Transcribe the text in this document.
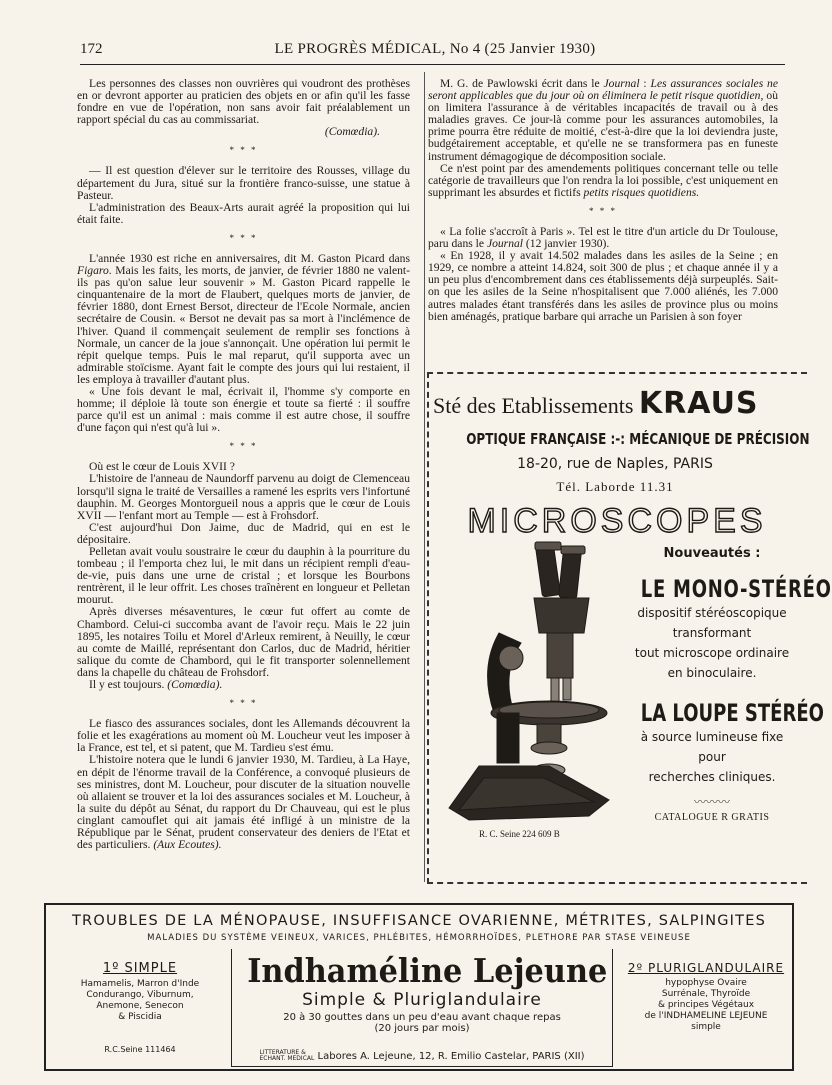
172	LE PROGRÈS MÉDICAL, No 4 (25 Janvier 1930)

Les personnes des classes non ouvrières qui voudront des prothèses en or devront apporter au praticien des objets en or afin qu'il les fasse fondre en vue de l'opération, non sans avoir fait préalablement un rapport spécial du cas au commissariat.

(Comœdia).

* * *

— Il est question d'élever sur le territoire des Rousses, village du département du Jura, situé sur la frontière franco-suisse, une statue à Pasteur.

L'administration des Beaux-Arts aurait agréé la proposition qui lui était faite.

* * *

L'année 1930 est riche en anniversaires, dit M. Gaston Picard dans Figaro. Mais les faits, les morts, de janvier, de février 1880 ne valent-ils pas qu'on salue leur souvenir » M. Gaston Picard rappelle le cinquantenaire de la mort de Flaubert, quelques morts de janvier, de février 1880, dont Ernest Bersot, directeur de l'Ecole Normale, ancien secrétaire de Cousin. « Bersot ne devait pas sa mort à l'inclémence de l'hiver. Quand il commençait seulement de remplir ses fonctions à Normale, un cancer de la joue s'annonçait. Une opération lui permit le répit quelque temps. Puis le mal reparut, qu'il supporta avec un admirable stoïcisme. Ayant fait le compte des jours qui lui restaient, il les employa à travailler d'autant plus.

« Une fois devant le mal, écrivait il, l'homme s'y comporte en homme; il déploie là toute son énergie et toute sa fierté : il souffre parce qu'il est un animal : mais comme il est autre chose, il souffre d'une façon qui n'est qu'à lui ».

* * *

Où est le cœur de Louis XVII ?

L'histoire de l'anneau de Naundorff parvenu au doigt de Clemenceau lorsqu'il signa le traité de Versailles a ramené les esprits vers l'infortuné dauphin. M. Georges Montorgueil nous a appris que le cœur de Louis XVII — l'enfant mort au Temple — est à Frohsdorf.

C'est aujourd'hui Don Jaime, duc de Madrid, qui en est le dépositaire.

Pelletan avait voulu soustraire le cœur du dauphin à la pourriture du tombeau ; il l'emporta chez lui, le mit dans un récipient rempli d'eau-de-vie, puis dans une urne de cristal ; et lorsque les Bourbons rentrèrent, il le leur offrit. Les choses traînèrent en longueur et Pelletan mourut.

Après diverses mésaventures, le cœur fut offert au comte de Chambord. Celui-ci succomba avant de l'avoir reçu. Mais le 22 juin 1895, les notaires Toilu et Morel d'Arleux remirent, à Neuilly, le cœur au comte de Maillé, représentant don Carlos, duc de Madrid, héritier salique du comte de Chambord, qui le fit transporter solennellement dans la chapelle du château de Frohsdorf.

Il y est toujours. (Comœdia).

* * *

Le fiasco des assurances sociales, dont les Allemands découvrent la folie et les exagérations au moment où M. Loucheur veut les imposer à la France, est tel, et si patent, que M. Tardieu s'est ému.

L'histoire notera que le lundi 6 janvier 1930, M. Tardieu, à La Haye, en dépit de l'énorme travail de la Conférence, a convoqué plusieurs de ses ministres, dont M. Loucheur, pour discuter de la situation nouvelle où allaient se trouver et la loi des assurances sociales et M. Loucheur, à la suite du dépôt au Sénat, du rapport du Dr Chauveau, qui est le plus cinglant camouflet qui ait jamais été infligé à un ministre de la République par le Sénat, prudent conservateur des deniers de l'Etat et des particuliers. (Aux Ecoutes).

M. G. de Pawlowski écrit dans le Journal : Les assurances sociales ne seront applicables que du jour où on éliminera le petit risque quotidien, où on limitera l'assurance à de véritables incapacités de travail ou à des maladies graves. Ce jour-là comme pour les assurances automobiles, la prime pourra être réduite de moitié, c'est-à-dire que la loi deviendra juste, budgétairement acceptable, et qu'elle ne se transformera pas en funeste instrument démagogique de décomposition sociale.

Ce n'est point par des amendements politiques concernant telle ou telle catégorie de travailleurs que l'on rendra la loi possible, c'est uniquement en supprimant les absurdes et fictifs petits risques quotidiens.

* * *

« La folie s'accroît à Paris ». Tel est le titre d'un article du Dr Toulouse, paru dans le Journal (12 janvier 1930).

« En 1928, il y avait 14.502 malades dans les asiles de la Seine ; en 1929, ce nombre a atteint 14.824, soit 300 de plus ; et chaque année il y a un peu plus d'encombrement dans ces établissements déjà surpeuplés. Sait-on que les asiles de la Seine n'hospitalisent que 7.000 aliénés, les 7.000 autres malades étant transférés dans les asiles de province plus ou moins bien aménagés, pratique barbare qui arrache un Parisien à son foyer

Sté des Etablissements KRAUS
OPTIQUE FRANÇAISE :-: MÉCANIQUE DE PRÉCISION
18-20, rue de Naples, PARIS
Tél. Laborde 11.31
MICROSCOPES
Nouveautés :
LE MONO-STÉRÉO
dispositif stéréoscopique
transformant
tout microscope ordinaire
en binoculaire.
LA LOUPE STÉRÉO
à source lumineuse fixe
pour
recherches cliniques.
〰〰〰
CATALOGUE R GRATIS
R. C. Seine 224 609 B
TROUBLES DE LA MÉNOPAUSE, INSUFFISANCE OVARIENNE, MÉTRITES, SALPINGITES
MALADIES DU SYSTÈME VEINEUX, VARICES, PHLÉBITES, HÉMORRHOÏDES, PLETHORE PAR STASE VEINEUSE
1º SIMPLE
Hamamelis, Marron d'Inde
Condurango, Viburnum,
Anemone, Senecon
& Piscidia
R.C.Seine 111464
Indhaméline Lejeune
Simple & Pluriglandulaire
20 à 30 gouttes dans un peu d'eau avant chaque repas
(20 jours par mois)
LITTERATURE &
ECHANT. MEDICAL Labores A. Lejeune, 12, R. Emilio Castelar, PARIS (XII)
2º PLURIGLANDULAIRE
hypophyse Ovaire
Surrénale, Thyroïde
& principes Végétaux
de l'INDHAMELINE LEJEUNE
simple
